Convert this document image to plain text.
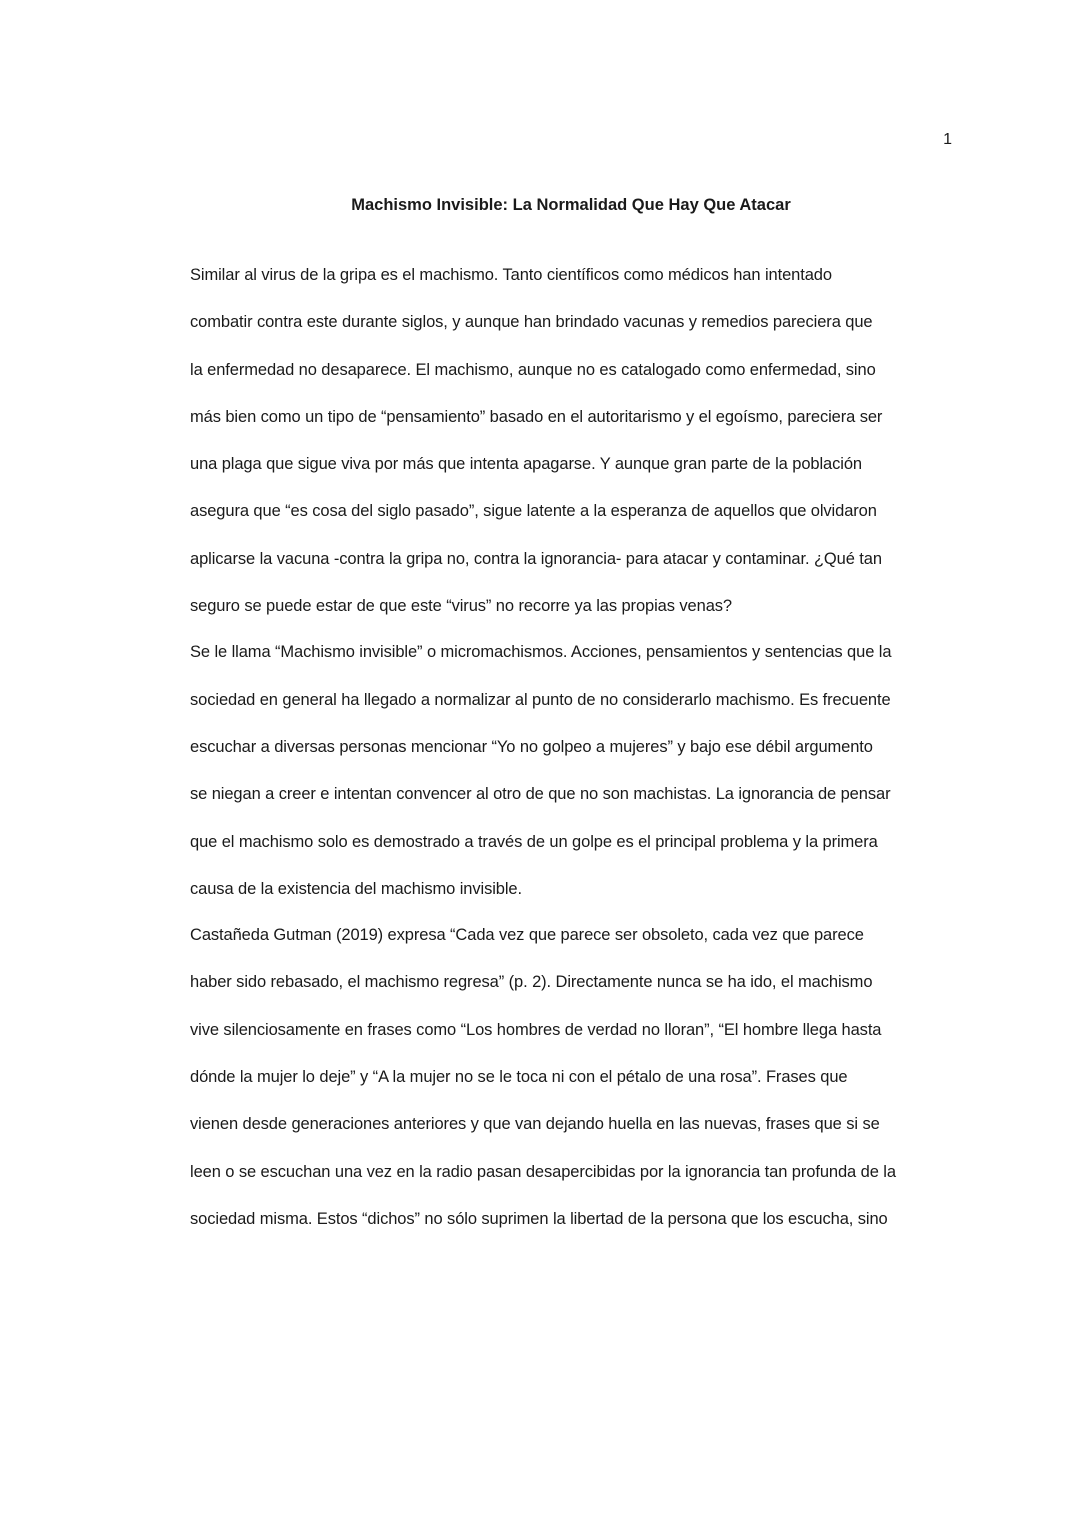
1
Machismo Invisible: La Normalidad Que Hay Que Atacar

Similar al virus de la gripa es el machismo. Tanto científicos como médicos han intentado
combatir contra este durante siglos, y aunque han brindado vacunas y remedios pareciera que
la enfermedad no desaparece. El machismo, aunque no es catalogado como enfermedad, sino
más bien como un tipo de “pensamiento” basado en el autoritarismo y el egoísmo, pareciera ser
una plaga que sigue viva por más que intenta apagarse. Y aunque gran parte de la población
asegura que “es cosa del siglo pasado”, sigue latente a la esperanza de aquellos que olvidaron
aplicarse la vacuna -contra la gripa no, contra la ignorancia- para atacar y contaminar. ¿Qué tan
seguro se puede estar de que este “virus” no recorre ya las propias venas?

Se le llama “Machismo invisible” o micromachismos. Acciones, pensamientos y sentencias que la
sociedad en general ha llegado a normalizar al punto de no considerarlo machismo. Es frecuente
escuchar a diversas personas mencionar “Yo no golpeo a mujeres” y bajo ese débil argumento
se niegan a creer e intentan convencer al otro de que no son machistas. La ignorancia de pensar
que el machismo solo es demostrado a través de un golpe es el principal problema y la primera
causa de la existencia del machismo invisible.

Castañeda Gutman (2019) expresa “Cada vez que parece ser obsoleto, cada vez que parece
haber sido rebasado, el machismo regresa” (p. 2). Directamente nunca se ha ido, el machismo
vive silenciosamente en frases como “Los hombres de verdad no lloran”, “El hombre llega hasta
dónde la mujer lo deje” y “A la mujer no se le toca ni con el pétalo de una rosa”. Frases que
vienen desde generaciones anteriores y que van dejando huella en las nuevas, frases que si se
leen o se escuchan una vez en la radio pasan desapercibidas por la ignorancia tan profunda de la
sociedad misma. Estos “dichos” no sólo suprimen la libertad de la persona que los escucha, sino
